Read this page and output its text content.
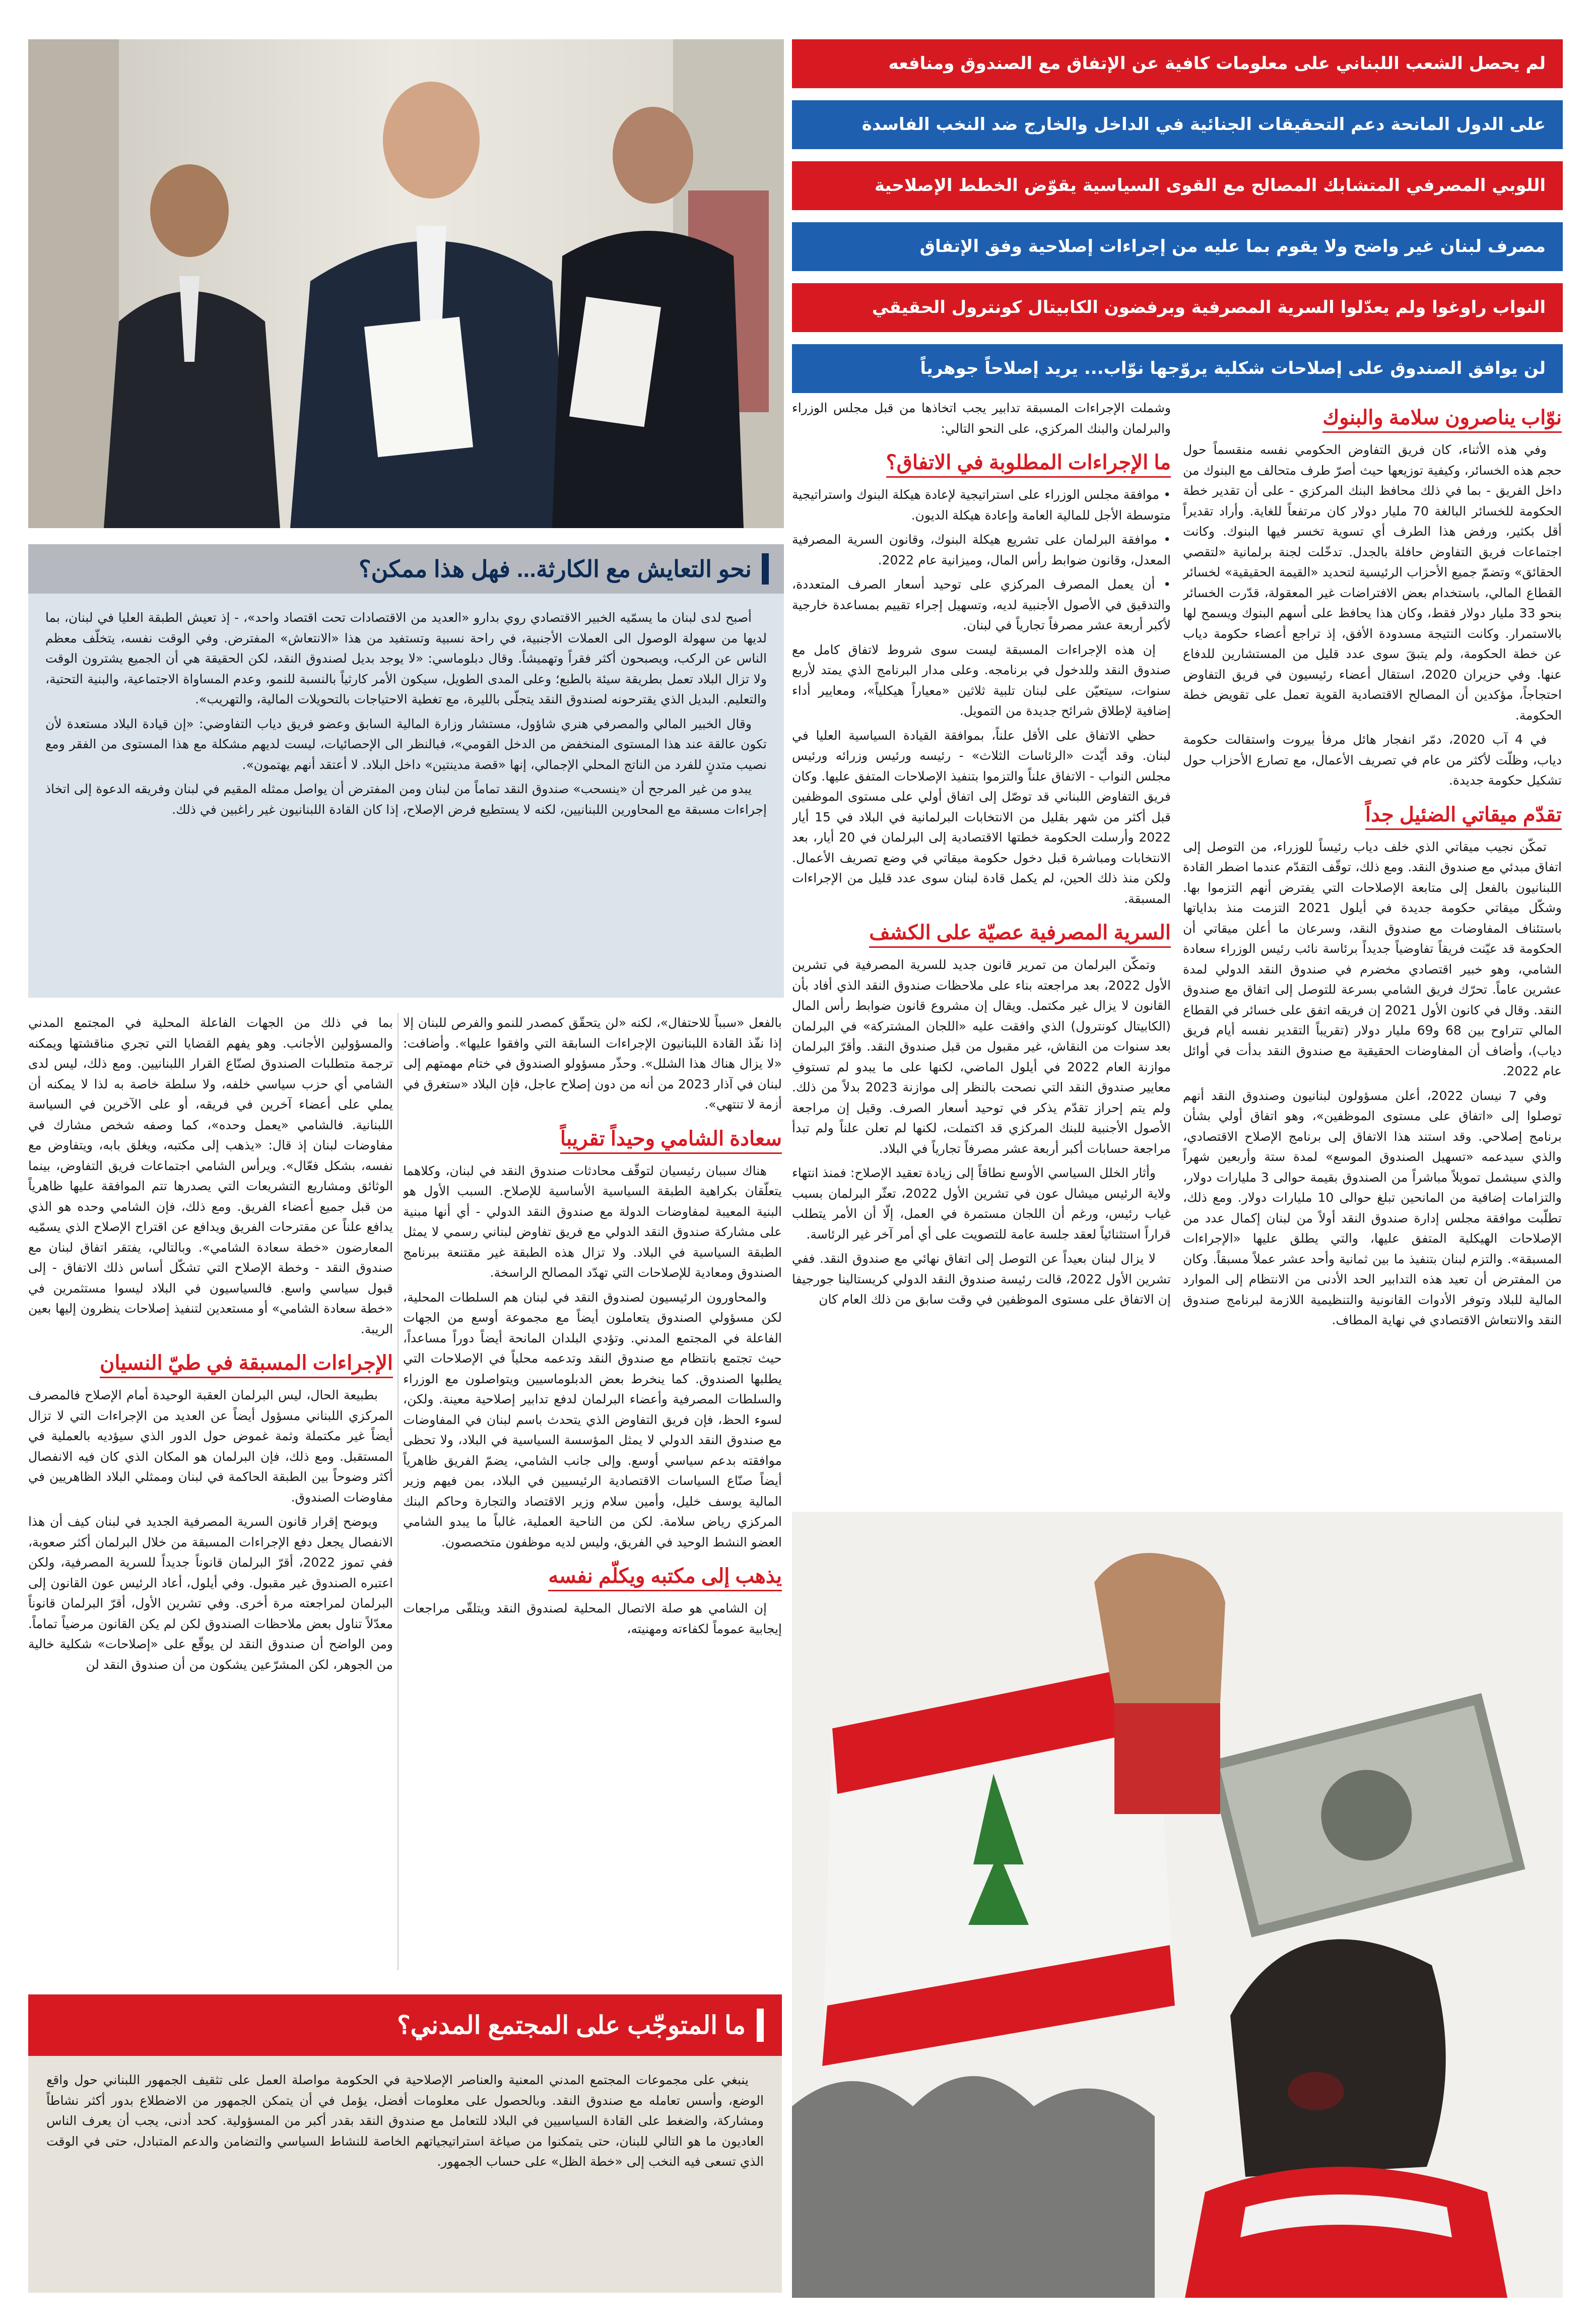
لم يحصل الشعب اللبناني على معلومات كافية عن الإتفاق مع الصندوق ومنافعه
على الدول المانحة دعم التحقيقات الجنائية في الداخل والخارج ضد النخب الفاسدة
اللوبي المصرفي المتشابك المصالح مع القوى السياسية يقوّض الخطط الإصلاحية
مصرف لبنان غير واضح ولا يقوم بما عليه من إجراءات إصلاحية وفق الإتفاق
النواب راوغوا ولم يعدّلوا السرية المصرفية وبرفضون الكابيتال كونترول الحقيقي
لن يوافق الصندوق على إصلاحات شكلية يروّجها نوّاب... يريد إصلاحاً جوهرياً
نوّاب يناصرون سلامة والبنوك

وفي هذه الأثناء، كان فريق التفاوض الحكومي نفسه منقسماً حول حجم هذه الخسائر، وكيفية توزيعها حيث أصرّ طرف متحالف مع البنوك من داخل الفريق - بما في ذلك محافظ البنك المركزي - على أن تقدير خطة الحكومة للخسائر البالغة 70 مليار دولار كان مرتفعاً للغاية. وأراد تقديراً أقل بكثير، ورفض هذا الطرف أي تسوية تخسر فيها البنوك. وكانت اجتماعات فريق التفاوض حافلة بالجدل. تدخّلت لجنة برلمانية «لتقصي الحقائق» وتضمّ جميع الأحزاب الرئيسية لتحديد «القيمة الحقيقية» لخسائر القطاع المالي، باستخدام بعض الافتراضات غير المعقولة، قدّرت الخسائر بنحو 33 مليار دولار فقط، وكان هذا يحافظ على أسهم البنوك ويسمح لها بالاستمرار. وكانت النتيجة مسدودة الأفق، إذ تراجع أعضاء حكومة دياب عن خطة الحكومة، ولم يتبقَ سوى عدد قليل من المستشارين للدفاع عنها. وفي حزيران 2020، استقال أعضاء رئيسيون في فريق التفاوض احتجاجاً، مؤكدين أن المصالح الاقتصادية القوية تعمل على تقويض خطة الحكومة.

في 4 آب 2020، دمّر انفجار هائل مرفأ بيروت واستقالت حكومة دياب، وظلّت لأكثر من عام في تصريف الأعمال، مع تصارع الأحزاب حول تشكيل حكومة جديدة.

تقدّم ميقاتي الضئيل جداً

تمكّن نجيب ميقاتي الذي خلف دياب رئيساً للوزراء، من التوصل إلى اتفاق مبدئي مع صندوق النقد. ومع ذلك، توقّف التقدّم عندما اضطر القادة اللبنانيون بالفعل إلى متابعة الإصلاحات التي يفترض أنهم التزموا بها. وشكّل ميقاتي حكومة جديدة في أيلول 2021 التزمت منذ بداياتها باستئناف المفاوضات مع صندوق النقد، وسرعان ما أعلن ميقاتي أن الحكومة قد عيّنت فريقاً تفاوضياً جديداً برئاسة نائب رئيس الوزراء سعادة الشامي، وهو خبير اقتصادي مخضرم في صندوق النقد الدولي لمدة عشرين عاماً. تحرّك فريق الشامي بسرعة للتوصل إلى اتفاق مع صندوق النقد. وقال في كانون الأول 2021 إن فريقه اتفق على خسائر في القطاع المالي تتراوح بين 68 و69 مليار دولار (تقريباً التقدير نفسه أيام فريق دياب)، وأضاف أن المفاوضات الحقيقية مع صندوق النقد بدأت في أوائل عام 2022.

وفي 7 نيسان 2022، أعلن مسؤولون لبنانيون وصندوق النقد أنهم توصلوا إلى «اتفاق على مستوى الموظفين»، وهو اتفاق أولي بشأن برنامج إصلاحي. وقد استند هذا الاتفاق إلى برنامج الإصلاح الاقتصادي، والذي سيدعمه «تسهيل الصندوق الموسع» لمدة ستة وأربعين شهراً والذي سيشمل تمويلاً مباشراً من الصندوق بقيمة حوالى 3 مليارات دولار، والتزامات إضافية من المانحين تبلغ حوالى 10 مليارات دولار. ومع ذلك، تطلّبت موافقة مجلس إدارة صندوق النقد أولاً من لبنان إكمال عدد من الإصلاحات الهيكلية المتفق عليها، والتي يطلق عليها «الإجراءات المسبقة». والتزم لبنان بتنفيذ ما بين ثمانية وأحد عشر عملاً مسبقاً. وكان من المفترض أن تعيد هذه التدابير الحد الأدنى من الانتظام إلى الموارد المالية للبلاد وتوفر الأدوات القانونية والتنظيمية اللازمة لبرنامج صندوق النقد والانتعاش الاقتصادي في نهاية المطاف.

وشملت الإجراءات المسبقة تدابير يجب اتخاذها من قبل مجلس الوزراء والبرلمان والبنك المركزي، على النحو التالي:

ما الإجراءات المطلوبة في الاتفاق؟

• موافقة مجلس الوزراء على استراتيجية لإعادة هيكلة البنوك واستراتيجية متوسطة الأجل للمالية العامة وإعادة هيكلة الديون.

• موافقة البرلمان على تشريع هيكلة البنوك، وقانون السرية المصرفية المعدل، وقانون ضوابط رأس المال، وميزانية عام 2022.

• أن يعمل المصرف المركزي على توحيد أسعار الصرف المتعددة، والتدقيق في الأصول الأجنبية لديه، وتسهيل إجراء تقييم بمساعدة خارجية لأكبر أربعة عشر مصرفاً تجارياً في لبنان.

إن هذه الإجراءات المسبقة ليست سوى شروط لاتفاق كامل مع صندوق النقد وللدخول في برنامجه. وعلى مدار البرنامج الذي يمتد لأربع سنوات، سيتعيّن على لبنان تلبية ثلاثين «معياراً هيكلياً»، ومعايير أداء إضافية لإطلاق شرائح جديدة من التمويل.

حظي الاتفاق على الأقل علناً، بموافقة القيادة السياسية العليا في لبنان. وقد أيّدت «الرئاسات الثلاث» - رئيسه ورئيس وزرائه ورئيس مجلس النواب - الاتفاق علناً والتزموا بتنفيذ الإصلاحات المتفق عليها. وكان فريق التفاوض اللبناني قد توصّل إلى اتفاق أولي على مستوى الموظفين قبل أكثر من شهر بقليل من الانتخابات البرلمانية في البلاد في 15 أيار 2022 وأرسلت الحكومة خطتها الاقتصادية إلى البرلمان في 20 أيار، بعد الانتخابات ومباشرة قبل دخول حكومة ميقاتي في وضع تصريف الأعمال. ولكن منذ ذلك الحين، لم يكمل قادة لبنان سوى عدد قليل من الإجراءات المسبقة.

السرية المصرفية عصيّة على الكشف

وتمكّن البرلمان من تمرير قانون جديد للسرية المصرفية في تشرين الأول 2022، بعد مراجعته بناء على ملاحظات صندوق النقد الذي أفاد بأن القانون لا يزال غير مكتمل. ويقال إن مشروع قانون ضوابط رأس المال (الكابيتال كونترول) الذي وافقت عليه «اللجان المشتركة» في البرلمان بعد سنوات من النقاش، غير مقبول من قبل صندوق النقد. وأقرّ البرلمان موازنة العام 2022 في أيلول الماضي، لكنها على ما يبدو لم تستوفِ معايير صندوق النقد التي نصحت بالنظر إلى موازنة 2023 بدلاً من ذلك. ولم يتم إحراز تقدّم يذكر في توحيد أسعار الصرف. وقيل إن مراجعة الأصول الأجنبية للبنك المركزي قد اكتملت، لكنها لم تعلن علناً ولم تبدأ مراجعة حسابات أكبر أربعة عشر مصرفاً تجارياً في البلاد.

وأثار الخلل السياسي الأوسع نطاقاً إلى زيادة تعقيد الإصلاح: فمنذ انتهاء ولاية الرئيس ميشال عون في تشرين الأول 2022، تعثّر البرلمان بسبب غياب رئيس، ورغم أن اللجان مستمرة في العمل، إلّا أن الأمر يتطلب قراراً استثنائياً لعقد جلسة عامة للتصويت على أي أمر آخر غير الرئاسة.

لا يزال لبنان بعيداً عن التوصل إلى اتفاق نهائي مع صندوق النقد. ففي تشرين الأول 2022، قالت رئيسة صندوق النقد الدولي كريستالينا جورجيفا إن الاتفاق على مستوى الموظفين في وقت سابق من ذلك العام كان

نحو التعايش مع الكارثة... فهل هذا ممكن؟

أصبح لدى لبنان ما يسمّيه الخبير الاقتصادي روي بدارو «العديد من الاقتصادات تحت اقتصاد واحد»، - إذ تعيش الطبقة العليا في لبنان، بما لديها من سهولة الوصول الى العملات الأجنبية، في راحة نسبية وتستفيد من هذا «الانتعاش» المفترض. وفي الوقت نفسه، يتخلّف معظم الناس عن الركب، ويصبحون أكثر فقراً وتهميشاً. وقال دبلوماسي: «لا يوجد بديل لصندوق النقد، لكن الحقيقة هي أن الجميع يشترون الوقت ولا تزال البلاد تعمل بطريقة سيئة بالطبع؛ وعلى المدى الطويل، سيكون الأمر كارثياً بالنسبة للنمو، وعدم المساواة الاجتماعية، والبنية التحتية، والتعليم. البديل الذي يقترحونه لصندوق النقد يتجلّى بالليرة، مع تغطية الاحتياجات بالتحويلات المالية، والتهريب».

وقال الخبير المالي والمصرفي هنري شاؤول، مستشار وزارة المالية السابق وعضو فريق دياب التفاوضي: «إن قيادة البلاد مستعدة لأن تكون عالقة عند هذا المستوى المنخفض من الدخل القومي»، فبالنظر الى الإحصائيات، ليست لديهم مشكلة مع هذا المستوى من الفقر ومع نصيب متدنٍ للفرد من الناتج المحلي الإجمالي، إنها «قصة مدينتين» داخل البلاد. لا أعتقد أنهم يهتمون».

يبدو من غير المرجح أن «ينسحب» صندوق النقد تماماً من لبنان ومن المفترض أن يواصل ممثله المقيم في لبنان وفريقه الدعوة إلى اتخاذ إجراءات مسبقة مع المحاورين اللبنانيين، لكنه لا يستطيع فرض الإصلاح، إذا كان القادة اللبنانيون غير راغبين في ذلك.

بالفعل «سبباً للاحتفال»، لكنه «لن يتحقّق كمصدر للنمو والفرص للبنان إلا إذا نفّذ القادة اللبنانيون الإجراءات السابقة التي وافقوا عليها». وأضافت: «لا يزال هناك هذا الشلل». وحذّر مسؤولو الصندوق في ختام مهمتهم إلى لبنان في آذار 2023 من أنه من دون إصلاح عاجل، فإن البلاد «ستغرق في أزمة لا تنتهي».

سعادة الشامي وحيداً تقريباً

هناك سببان رئيسيان لتوقّف محادثات صندوق النقد في لبنان، وكلاهما يتعلّقان بكراهية الطبقة السياسية الأساسية للإصلاح. السبب الأول هو البنية المعيبة لمفاوضات الدولة مع صندوق النقد الدولي - أي أنها مبنية على مشاركة صندوق النقد الدولي مع فريق تفاوض لبناني رسمي لا يمثل الطبقة السياسية في البلاد. ولا تزال هذه الطبقة غير مقتنعة ببرنامج الصندوق ومعادية للإصلاحات التي تهدّد المصالح الراسخة.

والمحاورون الرئيسيون لصندوق النقد في لبنان هم السلطات المحلية، لكن مسؤولي الصندوق يتعاملون أيضاً مع مجموعة أوسع من الجهات الفاعلة في المجتمع المدني. وتؤدي البلدان المانحة أيضاً دوراً مساعداً، حيث تجتمع بانتظام مع صندوق النقد وتدعمه محلياً في الإصلاحات التي يطلبها الصندوق. كما ينخرط بعض الدبلوماسيين ويتواصلون مع الوزراء والسلطات المصرفية وأعضاء البرلمان لدفع تدابير إصلاحية معينة. ولكن، لسوء الحظ، فإن فريق التفاوض الذي يتحدث باسم لبنان في المفاوضات مع صندوق النقد الدولي لا يمثل المؤسسة السياسية في البلاد، ولا تحظى موافقته بدعم سياسي أوسع. وإلى جانب الشامي، يضمّ الفريق ظاهرياً أيضاً صنّاع السياسات الاقتصادية الرئيسيين في البلاد، بمن فيهم وزير المالية يوسف خليل، وأمين سلام وزير الاقتصاد والتجارة وحاكم البنك المركزي رياض سلامة. لكن من الناحية العملية، غالباً ما يبدو الشامي العضو النشط الوحيد في الفريق، وليس لديه موظفون متخصصون.

يذهب إلى مكتبه ويكلّم نفسه

إن الشامي هو صلة الاتصال المحلية لصندوق النقد ويتلقّى مراجعات إيجابية عموماً لكفاءته ومهنيته،

بما في ذلك من الجهات الفاعلة المحلية في المجتمع المدني والمسؤولين الأجانب. وهو يفهم القضايا التي تجري مناقشتها ويمكنه ترجمة متطلبات الصندوق لصنّاع القرار اللبنانيين. ومع ذلك، ليس لدى الشامي أي حزب سياسي خلفه، ولا سلطة خاصة به لذا لا يمكنه أن يملي على أعضاء آخرين في فريقه، أو على الآخرين في السياسة اللبنانية. فالشامي «يعمل وحده»، كما وصفه شخص مشارك في مفاوضات لبنان إذ قال: «يذهب إلى مكتبه، ويغلق بابه، ويتفاوض مع نفسه، بشكل فعّال». ويرأس الشامي اجتماعات فريق التفاوض، بينما الوثائق ومشاريع التشريعات التي يصدرها تتم الموافقة عليها ظاهرياً من قبل جميع أعضاء الفريق. ومع ذلك، فإن الشامي وحده هو الذي يدافع علناً عن مقترحات الفريق ويدافع عن اقتراح الإصلاح الذي يسمّيه المعارضون «خطة سعادة الشامي». وبالتالي، يفتقر اتفاق لبنان مع صندوق النقد - وخطة الإصلاح التي تشكّل أساس ذلك الاتفاق - إلى قبول سياسي واسع. فالسياسيون في البلاد ليسوا مستثمرين في «خطة سعادة الشامي» أو مستعدين لتنفيذ إصلاحات ينظرون إليها بعين الريبة.

الإجراءات المسبقة في طيّ النسيان

بطبيعة الحال، ليس البرلمان العقبة الوحيدة أمام الإصلاح فالمصرف المركزي اللبناني مسؤول أيضاً عن العديد من الإجراءات التي لا تزال أيضاً غير مكتملة وثمة غموض حول الدور الذي سيؤديه بالعملية في المستقبل. ومع ذلك، فإن البرلمان هو المكان الذي كان فيه الانفصال أكثر وضوحاً بين الطبقة الحاكمة في لبنان وممثلي البلاد الظاهريين في مفاوضات الصندوق.

ويوضح إقرار قانون السرية المصرفية الجديد في لبنان كيف أن هذا الانفصال يجعل دفع الإجراءات المسبقة من خلال البرلمان أكثر صعوبة، ففي تموز 2022، أقرّ البرلمان قانوناً جديداً للسرية المصرفية، ولكن اعتبره الصندوق غير مقبول. وفي أيلول، أعاد الرئيس عون القانون إلى البرلمان لمراجعته مرة أخرى. وفي تشرين الأول، أقرّ البرلمان قانوناً معدّلاً تناول بعض ملاحظات الصندوق لكن لم يكن القانون مرضياً تماماً. ومن الواضح أن صندوق النقد لن يوقّع على «إصلاحات» شكلية خالية من الجوهر، لكن المشرّعين يشكون من أن صندوق النقد لن

ما المتوجّب على المجتمع المدني؟

ينبغي على مجموعات المجتمع المدني المعنية والعناصر الإصلاحية في الحكومة مواصلة العمل على تثقيف الجمهور اللبناني حول واقع الوضع، وأسس تعامله مع صندوق النقد. وبالحصول على معلومات أفضل، يؤمل في أن يتمكن الجمهور من الاضطلاع بدور أكثر نشاطاً ومشاركة، والضغط على القادة السياسيين في البلاد للتعامل مع صندوق النقد بقدر أكبر من المسؤولية. كحد أدنى، يجب أن يعرف الناس العاديون ما هو التالي للبنان، حتى يتمكنوا من صياغة استراتيجياتهم الخاصة للنشاط السياسي والتضامن والدعم المتبادل، حتى في الوقت الذي تسعى فيه النخب إلى «خطة الظل» على حساب الجمهور.
